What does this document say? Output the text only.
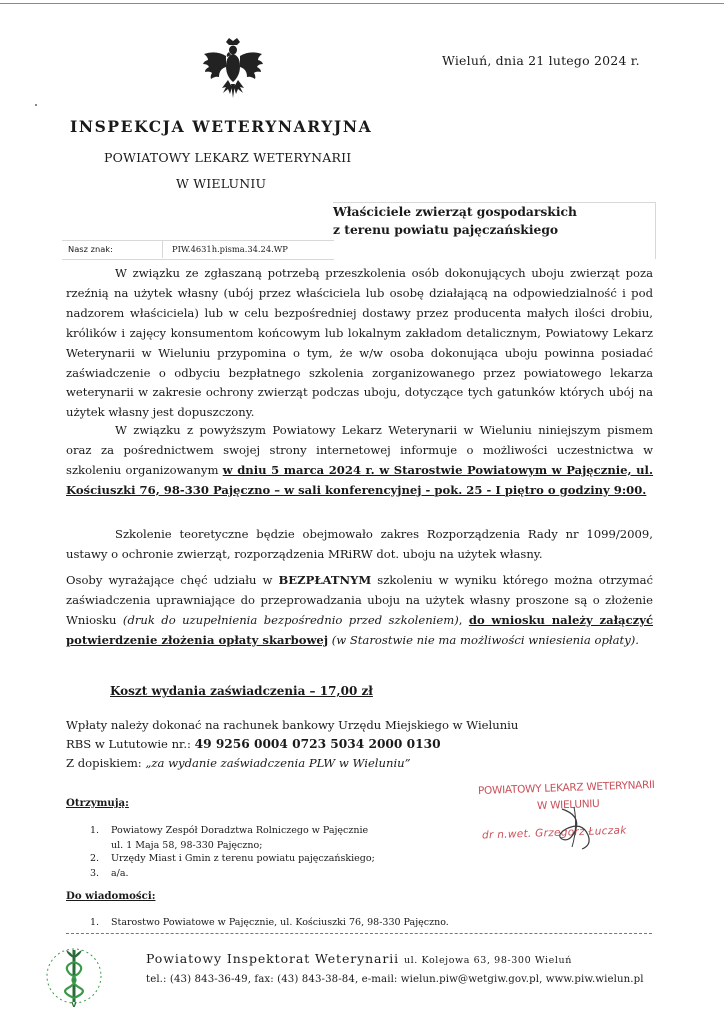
Wieluń, dnia 21 lutego 2024 r.
INSPEKCJA WETERYNARYJNA
POWIATOWY LEKARZ WETERYNARII
W WIELUNIU
Właściciele zwierząt gospodarskich
z terenu powiatu pajęczańskiego
Nasz znak:	PIW.4631h.pisma.34.24.WP
W związku ze zgłaszaną potrzebą przeszkolenia osób dokonujących uboju zwierząt poza rzeźnią na użytek własny (ubój przez właściciela lub osobę działającą na odpowiedzialność i pod nadzorem właściciela) lub w celu bezpośredniej dostawy przez producenta małych ilości drobiu, królików i zajęcy konsumentom końcowym lub lokalnym zakładom detalicznym, Powiatowy Lekarz Weterynarii w Wieluniu przypomina o tym, że w/w osoba dokonująca uboju powinna posiadać zaświadczenie o odbyciu bezpłatnego szkolenia zorganizowanego przez powiatowego lekarza weterynarii w zakresie ochrony zwierząt podczas uboju, dotyczące tych gatunków których ubój na użytek własny jest dopuszczony.
W związku z powyższym Powiatowy Lekarz Weterynarii w Wieluniu niniejszym pismem oraz za pośrednictwem swojej strony internetowej informuje o możliwości uczestnictwa w szkoleniu organizowanym w dniu 5 marca 2024 r. w Starostwie Powiatowym w Pajęcznie, ul. Kościuszki 76, 98-330 Pajęczno – w sali konferencyjnej - pok. 25 - I piętro o godziny 9:00.
Szkolenie teoretyczne będzie obejmowało zakres Rozporządzenia Rady nr 1099/2009, ustawy o ochronie zwierząt, rozporządzenia MRiRW dot. uboju na użytek własny.
Osoby wyrażające chęć udziału w BEZPŁATNYM szkoleniu w wyniku którego można otrzymać zaświadczenia uprawniające do przeprowadzania uboju na użytek własny proszone są o złożenie Wniosku (druk do uzupełnienia bezpośrednio przed szkoleniem), do wniosku należy załączyć potwierdzenie złożenia opłaty skarbowej (w Starostwie nie ma możliwości wniesienia opłaty).
Koszt wydania zaświadczenia – 17,00 zł
Wpłaty należy dokonać na rachunek bankowy Urzędu Miejskiego w Wieluniu
RBS w Lututowie nr.: 49 9256 0004 0723 5034 2000 0130
Z dopiskiem: „za wydanie zaświadczenia PLW w Wieluniu”
Otrzymują:
1. Powiatowy Zespół Doradztwa Rolniczego w Pajęcznie
ul. 1 Maja 58, 98-330 Pajęczno;
2. Urzędy Miast i Gmin z terenu powiatu pajęczańskiego;
3. a/a.
Do wiadomości:
1. Starostwo Powiatowe w Pajęcznie, ul. Kościuszki 76, 98-330 Pajęczno.
POWIATOWY LEKARZ WETERYNARII
W WIELUNIU
dr n.wet. Grzegorz Łuczak
V
Powiatowy Inspektorat Weterynarii ul. Kolejowa 63, 98-300 Wieluń
tel.: (43) 843-36-49, fax: (43) 843-38-84, e-mail: wielun.piw@wetgiw.gov.pl, www.piw.wielun.pl
